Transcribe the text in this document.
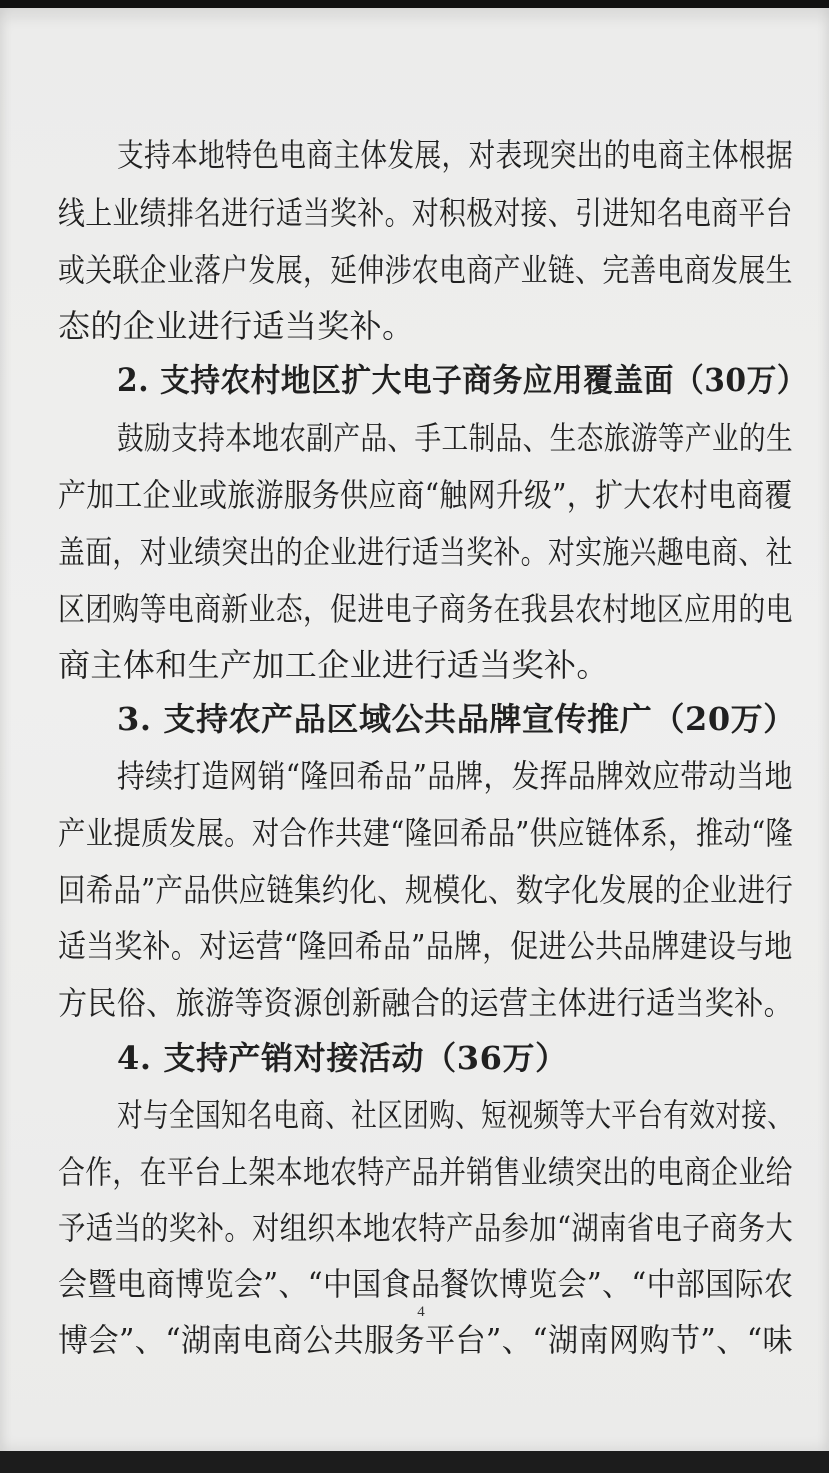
支持本地特色电商主体发展，对表现突出的电商主体根据
线上业绩排名进行适当奖补。对积极对接、引进知名电商平台
或关联企业落户发展，延伸涉农电商产业链、完善电商发展生
态的企业进行适当奖补。
2. 支持农村地区扩大电子商务应用覆盖面（30万）
鼓励支持本地农副产品、手工制品、生态旅游等产业的生
产加工企业或旅游服务供应商“触网升级”，扩大农村电商覆
盖面，对业绩突出的企业进行适当奖补。对实施兴趣电商、社
区团购等电商新业态，促进电子商务在我县农村地区应用的电
商主体和生产加工企业进行适当奖补。
3. 支持农产品区域公共品牌宣传推广（20万）
持续打造网销“隆回希品”品牌，发挥品牌效应带动当地
产业提质发展。对合作共建“隆回希品”供应链体系，推动“隆
回希品”产品供应链集约化、规模化、数字化发展的企业进行
适当奖补。对运营“隆回希品”品牌，促进公共品牌建设与地
方民俗、旅游等资源创新融合的运营主体进行适当奖补。
4. 支持产销对接活动（36万）
对与全国知名电商、社区团购、短视频等大平台有效对接、
合作，在平台上架本地农特产品并销售业绩突出的电商企业给
予适当的奖补。对组织本地农特产品参加“湖南省电子商务大
会暨电商博览会”、“中国食品餐饮博览会”、“中部国际农
博会”、“湖南电商公共服务平台”、“湖南网购节”、“味
4
